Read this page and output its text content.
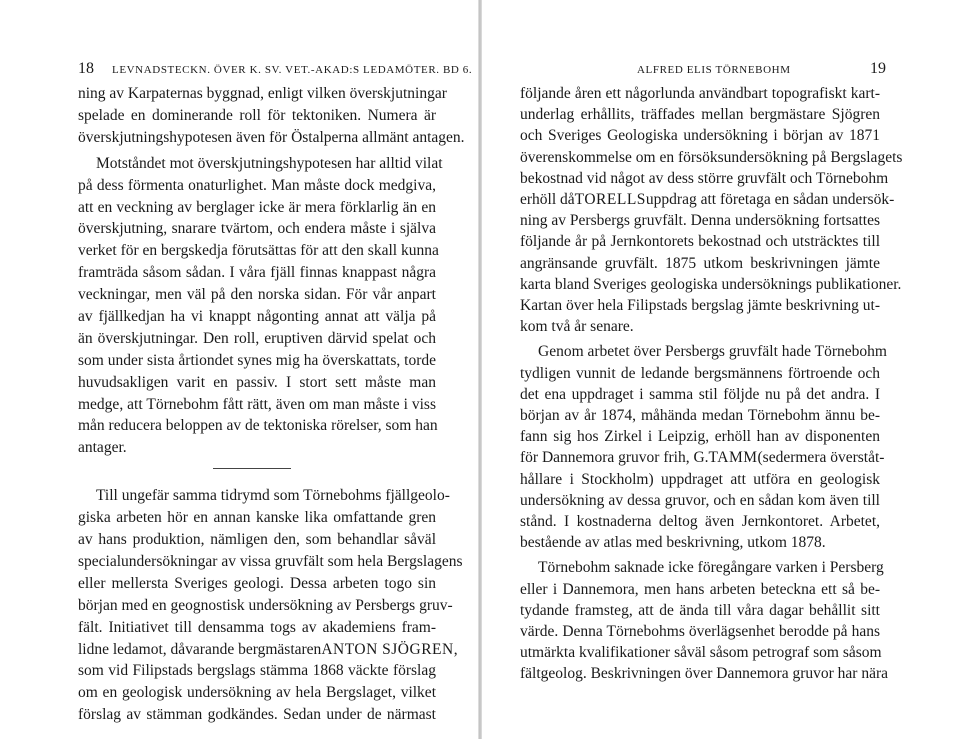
18 LEVNADSTECKN. ÖVER K. SV. VET.-AKAD:S LEDAMÖTER. BD 6.
ning av Karpaternas byggnad, enligt vilken överskjutningar
spelade en dominerande roll för tektoniken. Numera är
överskjutningshypotesen även för Östalperna allmänt antagen.
Motståndet mot överskjutningshypotesen har alltid vilat
på dess förmenta onaturlighet. Man måste dock medgiva,
att en veckning av berglager icke är mera förklarlig än en
överskjutning, snarare tvärtom, och endera måste i själva
verket för en bergskedja förutsättas för att den skall kunna
framträda såsom sådan. I våra fjäll finnas knappast några
veckningar, men väl på den norska sidan. För vår anpart
av fjällkedjan ha vi knappt någonting annat att välja på
än överskjutningar. Den roll, eruptiven därvid spelat och
som under sista årtiondet synes mig ha överskattats, torde
huvudsakligen varit en passiv. I stort sett måste man
medge, att Törnebohm fått rätt, även om man måste i viss
mån reducera beloppen av de tektoniska rörelser, som han
antager.
Till ungefär samma tidrymd som Törnebohms fjällgeolo-
giska arbeten hör en annan kanske lika omfattande gren
av hans produktion, nämligen den, som behandlar såväl
specialundersökningar av vissa gruvfält som hela Bergslagens
eller mellersta Sveriges geologi. Dessa arbeten togo sin
början med en geognostisk undersökning av Persbergs gruv-
fält. Initiativet till densamma togs av akademiens fram-
lidne ledamot, dåvarande bergmästaren ANTON SJÖGREN,
som vid Filipstads bergslags stämma 1868 väckte förslag
om en geologisk undersökning av hela Bergslaget, vilket
förslag av stämman godkändes. Sedan under de närmast
ALFRED ELIS TÖRNEBOHM	19
följande åren ett någorlunda användbart topografiskt kart-
underlag erhållits, träffades mellan bergmästare Sjögren
och Sveriges Geologiska undersökning i början av 1871
överenskommelse om en försöksundersökning på Bergslagets
bekostnad vid något av dess större gruvfält och Törnebohm
erhöll då TORELLS uppdrag att företaga en sådan undersök-
ning av Persbergs gruvfält. Denna undersökning fortsattes
följande år på Jernkontorets bekostnad och utsträcktes till
angränsande gruvfält. 1875 utkom beskrivningen jämte
karta bland Sveriges geologiska undersöknings publikationer.
Kartan över hela Filipstads bergslag jämte beskrivning ut-
kom två år senare.
Genom arbetet över Persbergs gruvfält hade Törnebohm
tydligen vunnit de ledande bergsmännens förtroende och
det ena uppdraget i samma stil följde nu på det andra. I
början av år 1874, måhända medan Törnebohm ännu be-
fann sig hos Zirkel i Leipzig, erhöll han av disponenten
för Dannemora gruvor frih, G. TAMM (sedermera överståt-
hållare i Stockholm) uppdraget att utföra en geologisk
undersökning av dessa gruvor, och en sådan kom även till
stånd. I kostnaderna deltog även Jernkontoret. Arbetet,
bestående av atlas med beskrivning, utkom 1878.
Törnebohm saknade icke föregångare varken i Persberg
eller i Dannemora, men hans arbeten beteckna ett så be-
tydande framsteg, att de ända till våra dagar behållit sitt
värde. Denna Törnebohms överlägsenhet berodde på hans
utmärkta kvalifikationer såväl såsom petrograf som såsom
fältgeolog. Beskrivningen över Dannemora gruvor har nära
